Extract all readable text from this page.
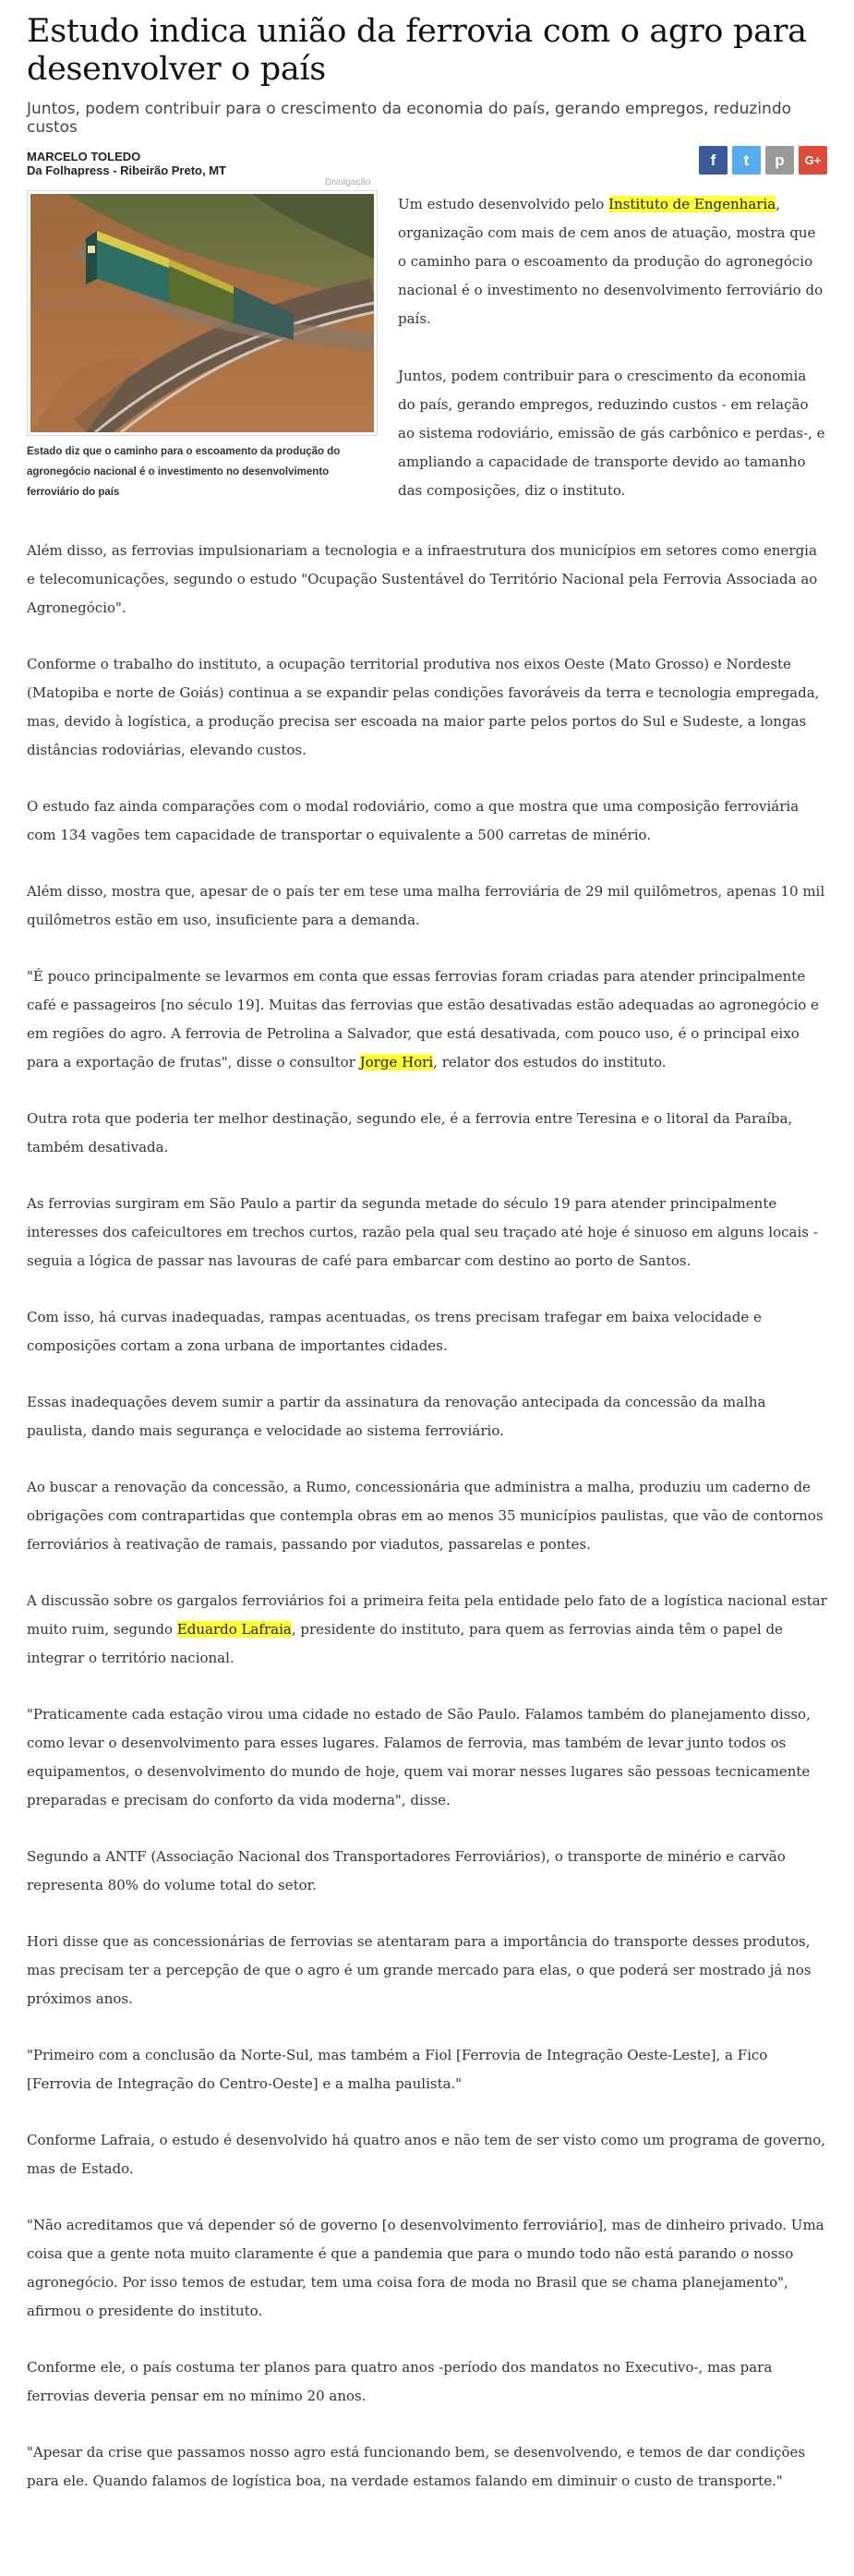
Estudo indica união da ferrovia com o agro para desenvolver o país
Juntos, podem contribuir para o crescimento da economia do país, gerando empregos, reduzindo custos
MARCELO TOLEDO
Da Folhapress - Ribeirão Preto, MT
Divulgação
f	t	p	G+
Estado diz que o caminho para o escoamento da produção do agronegócio nacional é o investimento no desenvolvimento ferroviário do país

Um estudo desenvolvido pelo Instituto de Engenharia, organização com mais de cem anos de atuação, mostra que o caminho para o escoamento da produção do agronegócio nacional é o investimento no desenvolvimento ferroviário do país.

Juntos, podem contribuir para o crescimento da economia do país, gerando empregos, reduzindo custos - em relação ao sistema rodoviário, emissão de gás carbônico e perdas-, e ampliando a capacidade de transporte devido ao tamanho das composições, diz o instituto.

Além disso, as ferrovias impulsionariam a tecnologia e a infraestrutura dos municípios em setores como energia e telecomunicações, segundo o estudo "Ocupação Sustentável do Território Nacional pela Ferrovia Associada ao Agronegócio".

Conforme o trabalho do instituto, a ocupação territorial produtiva nos eixos Oeste (Mato Grosso) e Nordeste (Matopiba e norte de Goiás) continua a se expandir pelas condições favoráveis da terra e tecnologia empregada, mas, devido à logística, a produção precisa ser escoada na maior parte pelos portos do Sul e Sudeste, a longas distâncias rodoviárias, elevando custos.

O estudo faz ainda comparações com o modal rodoviário, como a que mostra que uma composição ferroviária com 134 vagões tem capacidade de transportar o equivalente a 500 carretas de minério.

Além disso, mostra que, apesar de o país ter em tese uma malha ferroviária de 29 mil quilômetros, apenas 10 mil quilômetros estão em uso, insuficiente para a demanda.

"É pouco principalmente se levarmos em conta que essas ferrovias foram criadas para atender principalmente café e passageiros [no século 19]. Muitas das ferrovias que estão desativadas estão adequadas ao agronegócio e em regiões do agro. A ferrovia de Petrolina a Salvador, que está desativada, com pouco uso, é o principal eixo para a exportação de frutas", disse o consultor Jorge Hori, relator dos estudos do instituto.

Outra rota que poderia ter melhor destinação, segundo ele, é a ferrovia entre Teresina e o litoral da Paraíba, também desativada.

As ferrovias surgiram em São Paulo a partir da segunda metade do século 19 para atender principalmente interesses dos cafeicultores em trechos curtos, razão pela qual seu traçado até hoje é sinuoso em alguns locais -seguia a lógica de passar nas lavouras de café para embarcar com destino ao porto de Santos.

Com isso, há curvas inadequadas, rampas acentuadas, os trens precisam trafegar em baixa velocidade e composições cortam a zona urbana de importantes cidades.

Essas inadequações devem sumir a partir da assinatura da renovação antecipada da concessão da malha paulista, dando mais segurança e velocidade ao sistema ferroviário.

Ao buscar a renovação da concessão, a Rumo, concessionária que administra a malha, produziu um caderno de obrigações com contrapartidas que contempla obras em ao menos 35 municípios paulistas, que vão de contornos ferroviários à reativação de ramais, passando por viadutos, passarelas e pontes.

A discussão sobre os gargalos ferroviários foi a primeira feita pela entidade pelo fato de a logística nacional estar muito ruim, segundo Eduardo Lafraia, presidente do instituto, para quem as ferrovias ainda têm o papel de integrar o território nacional.

"Praticamente cada estação virou uma cidade no estado de São Paulo. Falamos também do planejamento disso, como levar o desenvolvimento para esses lugares. Falamos de ferrovia, mas também de levar junto todos os equipamentos, o desenvolvimento do mundo de hoje, quem vai morar nesses lugares são pessoas tecnicamente preparadas e precisam do conforto da vida moderna", disse.

Segundo a ANTF (Associação Nacional dos Transportadores Ferroviários), o transporte de minério e carvão representa 80% do volume total do setor.

Hori disse que as concessionárias de ferrovias se atentaram para a importância do transporte desses produtos, mas precisam ter a percepção de que o agro é um grande mercado para elas, o que poderá ser mostrado já nos próximos anos.

"Primeiro com a conclusão da Norte-Sul, mas também a Fiol [Ferrovia de Integração Oeste-Leste], a Fico [Ferrovia de Integração do Centro-Oeste] e a malha paulista."

Conforme Lafraia, o estudo é desenvolvido há quatro anos e não tem de ser visto como um programa de governo, mas de Estado.

"Não acreditamos que vá depender só de governo [o desenvolvimento ferroviário], mas de dinheiro privado. Uma coisa que a gente nota muito claramente é que a pandemia que para o mundo todo não está parando o nosso agronegócio. Por isso temos de estudar, tem uma coisa fora de moda no Brasil que se chama planejamento", afirmou o presidente do instituto.

Conforme ele, o país costuma ter planos para quatro anos -período dos mandatos no Executivo-, mas para ferrovias deveria pensar em no mínimo 20 anos.

"Apesar da crise que passamos nosso agro está funcionando bem, se desenvolvendo, e temos de dar condições para ele. Quando falamos de logística boa, na verdade estamos falando em diminuir o custo de transporte."
